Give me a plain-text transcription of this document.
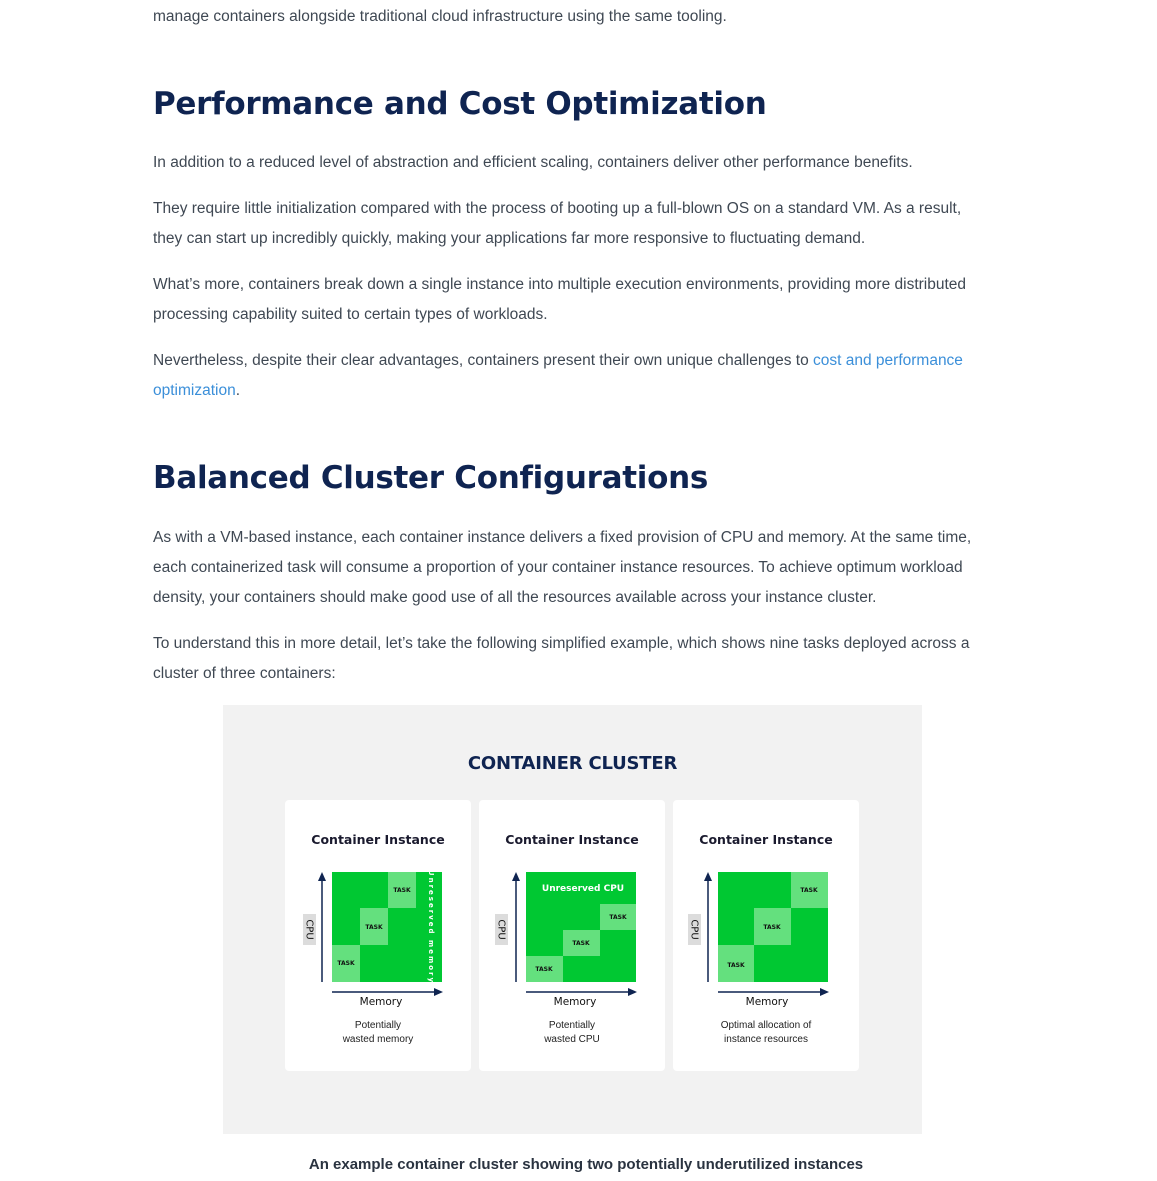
manage containers alongside traditional cloud infrastructure using the same tooling.

Performance and Cost Optimization

In addition to a reduced level of abstraction and efficient scaling, containers deliver other performance benefits.

They require little initialization compared with the process of booting up a full-blown OS on a standard VM. As a result, they can start up incredibly quickly, making your applications far more responsive to fluctuating demand.

What’s more, containers break down a single instance into multiple execution environments, providing more distributed processing capability suited to certain types of workloads.

Nevertheless, despite their clear advantages, containers present their own unique challenges to cost and performance optimization.

Balanced Cluster Configurations

As with a VM-based instance, each container instance delivers a fixed provision of CPU and memory. At the same time, each containerized task will consume a proportion of your container instance resources. To achieve optimum workload density, your containers should make good use of all the resources available across your instance cluster.

To understand this in more detail, let’s take the following simplified example, which shows nine tasks deployed across a cluster of three containers:

CONTAINER CLUSTER
Container Instance
TASK
TASK
TASK	Unreserved memory
CPU
Memory
Potentially
wasted memory
Container Instance
Unreserved CPU
TASK
TASK
TASK
CPU
Memory
Potentially
wasted CPU
Container Instance
TASK
TASK
TASK
CPU
Memory
Optimal allocation of
instance resources
An example container cluster showing two potentially underutilized instances
